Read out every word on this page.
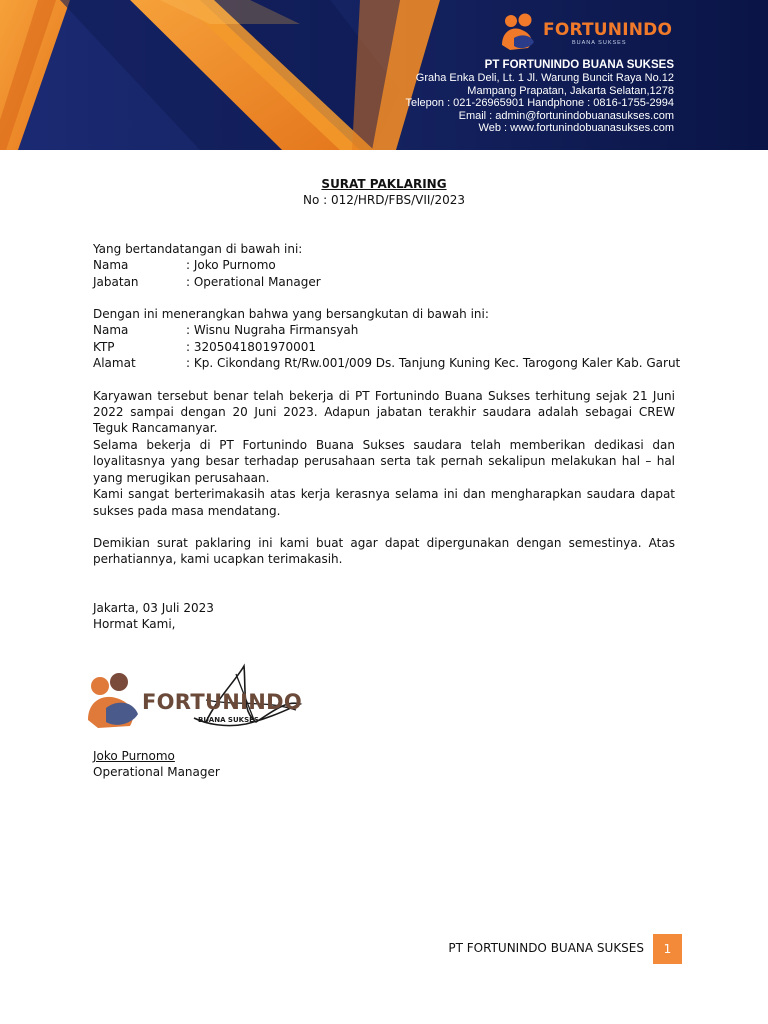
FORTUNINDO
BUANA SUKSES
PT FORTUNINDO BUANA SUKSES
Graha Enka Deli, Lt. 1 Jl. Warung Buncit Raya No.12
Mampang Prapatan, Jakarta Selatan,1278
Telepon : 021-26965901 Handphone : 0816-1755-2994
Email : admin@fortunindobuanasukses.com
Web : www.fortunindobuanasukses.com
SURAT PAKLARING
No : 012/HRD/FBS/VII/2023

Yang bertandatangan di bawah ini:

Nama	: Joko Purnomo
Jabatan	: Operational Manager

Dengan ini menerangkan bahwa yang bersangkutan di bawah ini:

Nama	: Wisnu Nugraha Firmansyah
KTP	: 3205041801970001
Alamat	: Kp. Cikondang Rt/Rw.001/009 Ds. Tanjung Kuning Kec. Tarogong Kaler Kab. Garut

Karyawan tersebut benar telah bekerja di PT Fortunindo Buana Sukses terhitung sejak 21 Juni 2022 sampai dengan 20 Juni 2023. Adapun jabatan terakhir saudara adalah sebagai CREW Teguk Rancamanyar.

Selama bekerja di PT Fortunindo Buana Sukses saudara telah memberikan dedikasi dan loyalitasnya yang besar terhadap perusahaan serta tak pernah sekalipun melakukan hal – hal yang merugikan perusahaan.

Kami sangat berterimakasih atas kerja kerasnya selama ini dan mengharapkan saudara dapat sukses pada masa mendatang.

Demikian surat paklaring ini kami buat agar dapat dipergunakan dengan semestinya. Atas perhatiannya, kami ucapkan terimakasih.

Jakarta, 03 Juli 2023

Hormat Kami,

FORTUNINDO
BUANA SUKSES
Joko Purnomo
Operational Manager
PT FORTUNINDO BUANA SUKSES	1
